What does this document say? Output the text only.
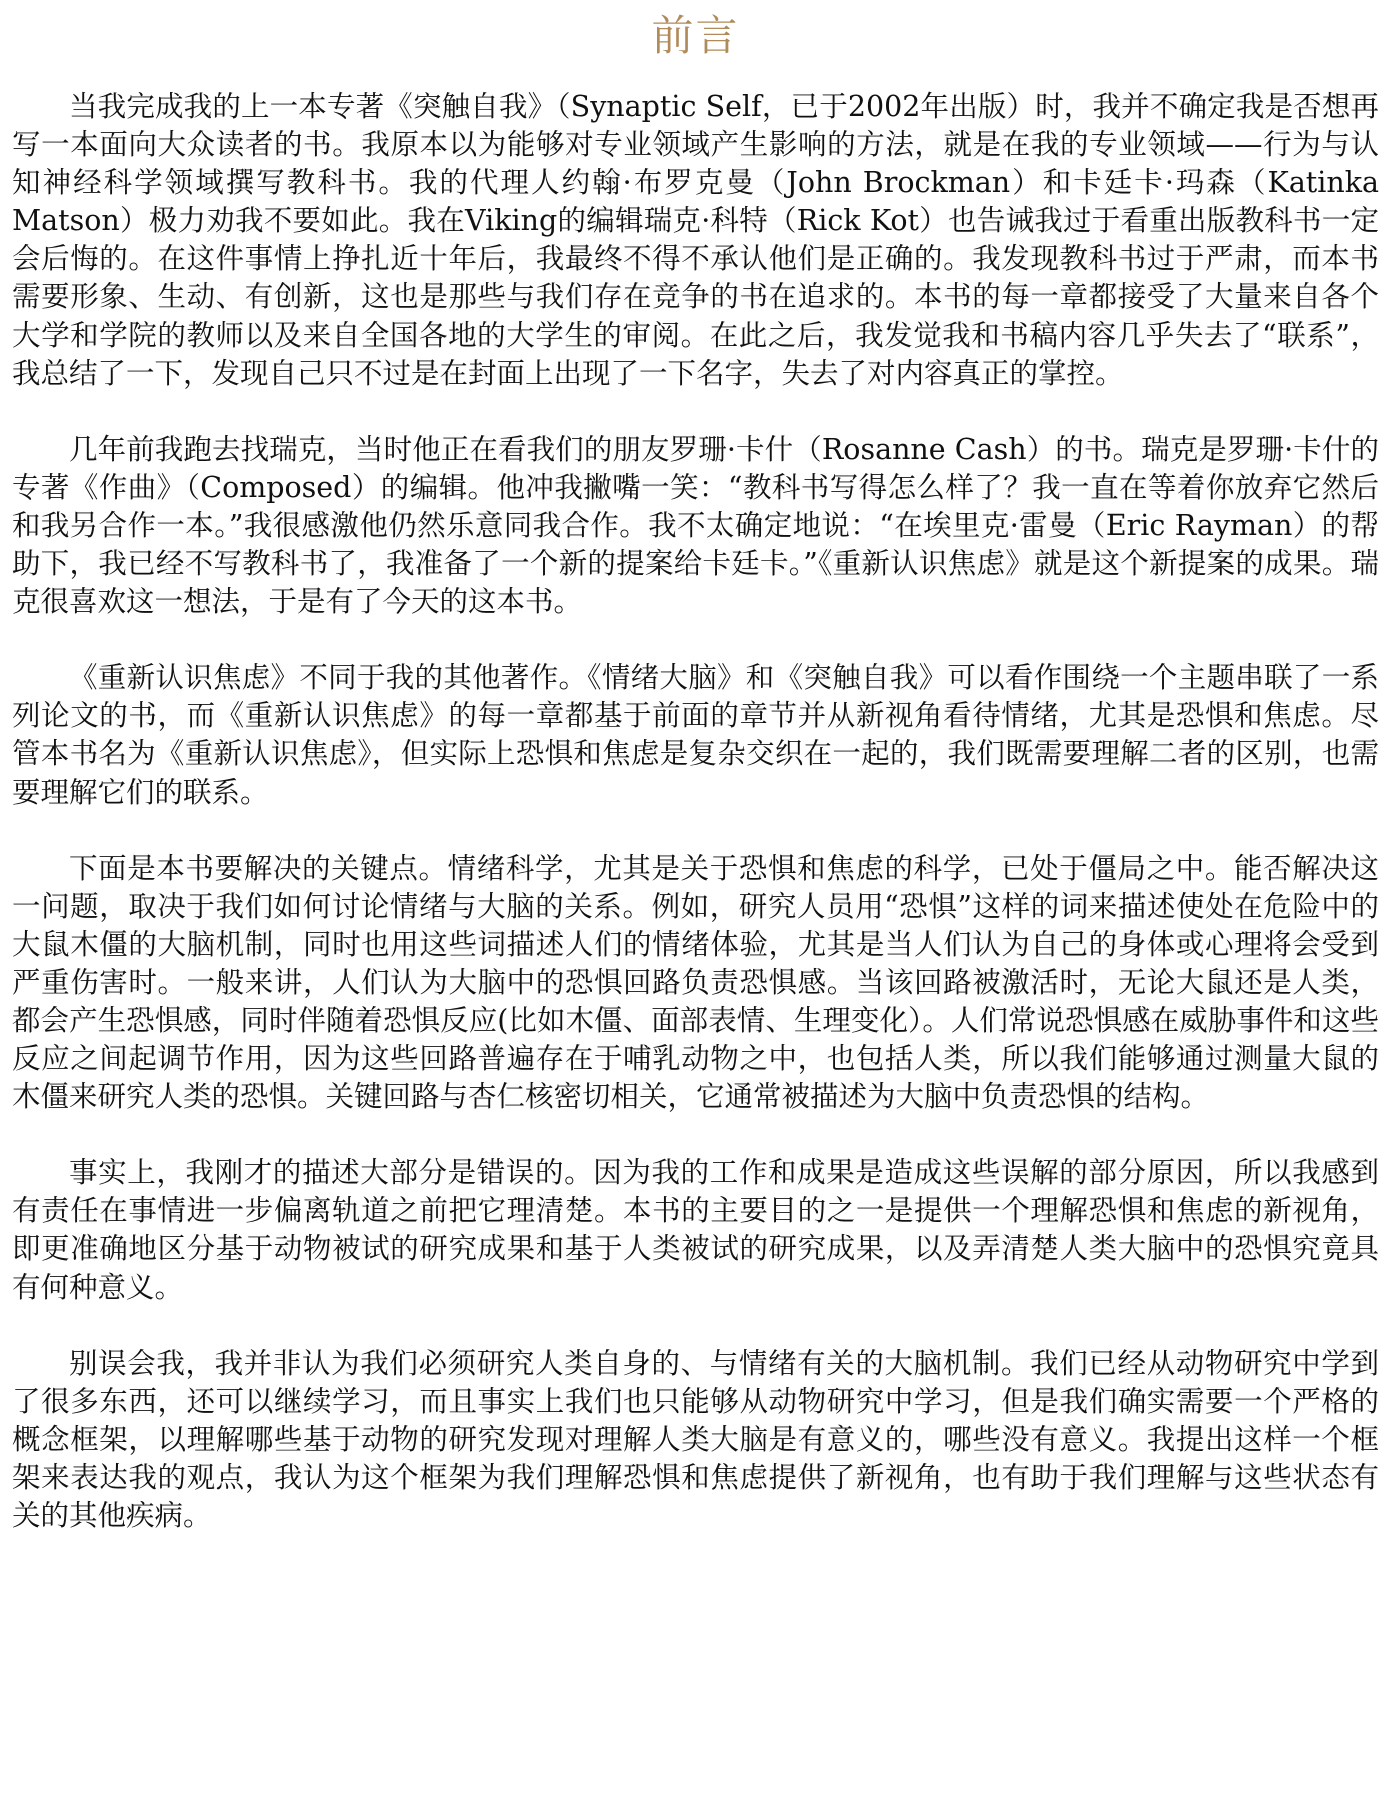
前言

当我完成我的上一本专著《突触自我》（Synaptic Self，已于2002年出版）时，我并不确定我是否想再写一本面向大众读者的书。我原本以为能够对专业领域产生影响的方法，就是在我的专业领域——行为与认知神经科学领域撰写教科书。我的代理人约翰·布罗克曼（John Brockman）和卡廷卡·玛森（Katinka Matson）极力劝我不要如此。我在Viking的编辑瑞克·科特（Rick Kot）也告诫我过于看重出版教科书一定会后悔的。在这件事情上挣扎近十年后，我最终不得不承认他们是正确的。我发现教科书过于严肃，而本书需要形象、生动、有创新，这也是那些与我们存在竞争的书在追求的。本书的每一章都接受了大量来自各个大学和学院的教师以及来自全国各地的大学生的审阅。在此之后，我发觉我和书稿内容几乎失去了“联系”，我总结了一下，发现自己只不过是在封面上出现了一下名字，失去了对内容真正的掌控。

几年前我跑去找瑞克，当时他正在看我们的朋友罗珊·卡什（Rosanne Cash）的书。瑞克是罗珊·卡什的专著《作曲》（Composed）的编辑。他冲我撇嘴一笑：“教科书写得怎么样了？我一直在等着你放弃它然后和我另合作一本。”我很感激他仍然乐意同我合作。我不太确定地说：“在埃里克·雷曼（Eric Rayman）的帮助下，我已经不写教科书了，我准备了一个新的提案给卡廷卡。”《重新认识焦虑》就是这个新提案的成果。瑞克很喜欢这一想法，于是有了今天的这本书。

《重新认识焦虑》不同于我的其他著作。《情绪大脑》和《突触自我》可以看作围绕一个主题串联了一系列论文的书，而《重新认识焦虑》的每一章都基于前面的章节并从新视角看待情绪，尤其是恐惧和焦虑。尽管本书名为《重新认识焦虑》，但实际上恐惧和焦虑是复杂交织在一起的，我们既需要理解二者的区别，也需要理解它们的联系。

下面是本书要解决的关键点。情绪科学，尤其是关于恐惧和焦虑的科学，已处于僵局之中。能否解决这一问题，取决于我们如何讨论情绪与大脑的关系。例如，研究人员用“恐惧”这样的词来描述使处在危险中的大鼠木僵的大脑机制，同时也用这些词描述人们的情绪体验，尤其是当人们认为自己的身体或心理将会受到严重伤害时。一般来讲，人们认为大脑中的恐惧回路负责恐惧感。当该回路被激活时，无论大鼠还是人类，都会产生恐惧感，同时伴随着恐惧反应(比如木僵、面部表情、生理变化）。人们常说恐惧感在威胁事件和这些反应之间起调节作用，因为这些回路普遍存在于哺乳动物之中，也包括人类，所以我们能够通过测量大鼠的木僵来研究人类的恐惧。关键回路与杏仁核密切相关，它通常被描述为大脑中负责恐惧的结构。

事实上，我刚才的描述大部分是错误的。因为我的工作和成果是造成这些误解的部分原因，所以我感到有责任在事情进一步偏离轨道之前把它理清楚。本书的主要目的之一是提供一个理解恐惧和焦虑的新视角，即更准确地区分基于动物被试的研究成果和基于人类被试的研究成果，以及弄清楚人类大脑中的恐惧究竟具有何种意义。

别误会我，我并非认为我们必须研究人类自身的、与情绪有关的大脑机制。我们已经从动物研究中学到了很多东西，还可以继续学习，而且事实上我们也只能够从动物研究中学习，但是我们确实需要一个严格的概念框架，以理解哪些基于动物的研究发现对理解人类大脑是有意义的，哪些没有意义。我提出这样一个框架来表达我的观点，我认为这个框架为我们理解恐惧和焦虑提供了新视角，也有助于我们理解与这些状态有关的其他疾病。
